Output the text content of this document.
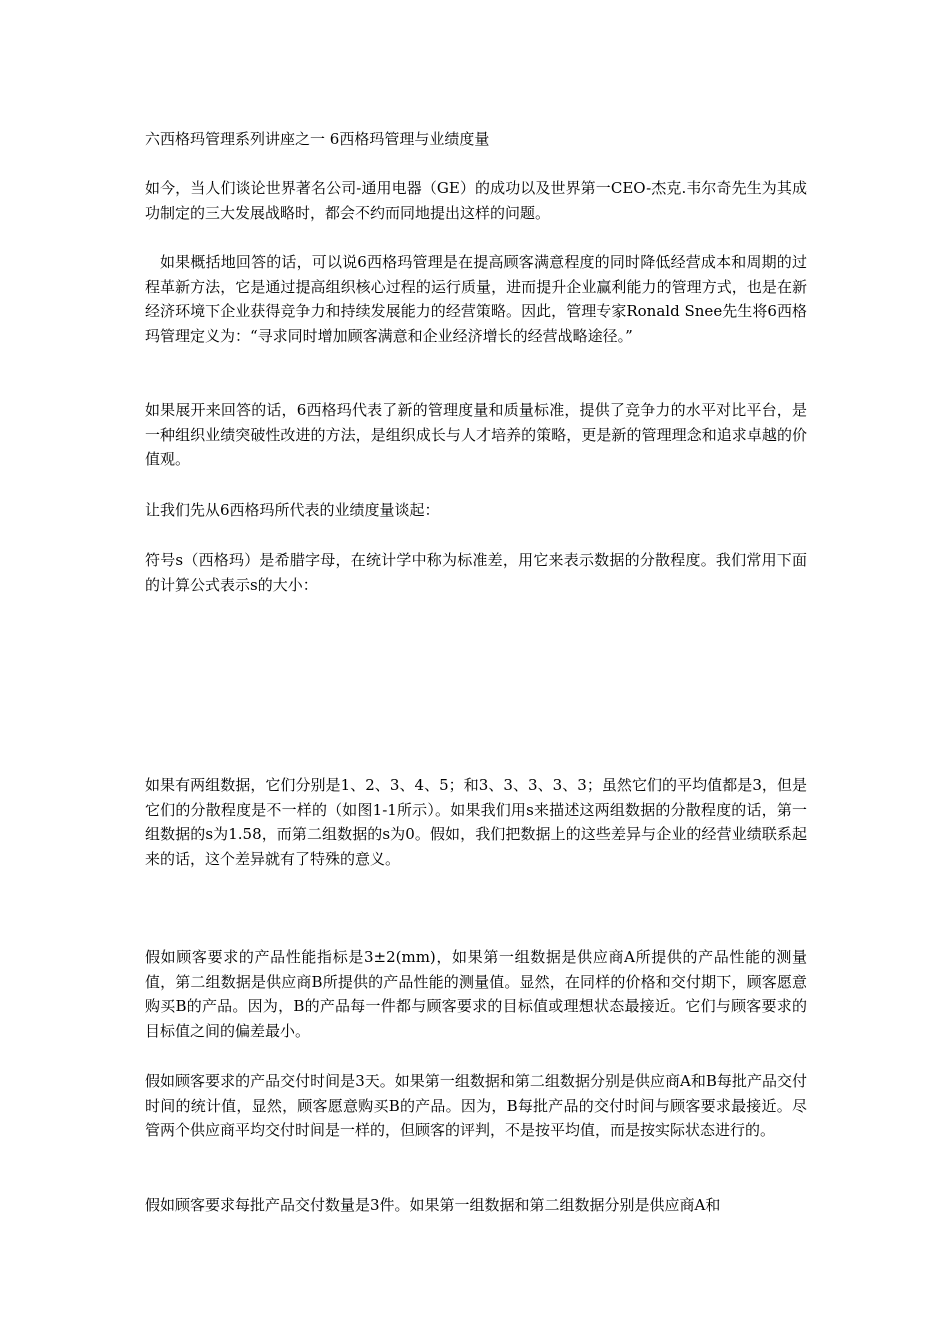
六西格玛管理系列讲座之一 6西格玛管理与业绩度量

如今，当人们谈论世界著名公司-通用电器（GE）的成功以及世界第一CEO-杰克.韦尔奇先生为其成功制定的三大发展战略时，都会不约而同地提出这样的问题。

如果概括地回答的话，可以说6西格玛管理是在提高顾客满意程度的同时降低经营成本和周期的过程革新方法，它是通过提高组织核心过程的运行质量，进而提升企业赢利能力的管理方式，也是在新经济环境下企业获得竞争力和持续发展能力的经营策略。因此，管理专家Ronald Snee先生将6西格玛管理定义为：“寻求同时增加顾客满意和企业经济增长的经营战略途径。”

如果展开来回答的话，6西格玛代表了新的管理度量和质量标准，提供了竞争力的水平对比平台，是一种组织业绩突破性改进的方法，是组织成长与人才培养的策略，更是新的管理理念和追求卓越的价值观。

让我们先从6西格玛所代表的业绩度量谈起：

符号s（西格玛）是希腊字母，在统计学中称为标准差，用它来表示数据的分散程度。我们常用下面的计算公式表示s的大小：

如果有两组数据，它们分别是1、2、3、4、5；和3、3、3、3、3；虽然它们的平均值都是3，但是它们的分散程度是不一样的（如图1-1所示）。如果我们用s来描述这两组数据的分散程度的话，第一组数据的s为1.58，而第二组数据的s为0。假如，我们把数据上的这些差异与企业的经营业绩联系起来的话，这个差异就有了特殊的意义。

假如顾客要求的产品性能指标是3±2(mm)，如果第一组数据是供应商A所提供的产品性能的测量值，第二组数据是供应商B所提供的产品性能的测量值。显然，在同样的价格和交付期下，顾客愿意购买B的产品。因为，B的产品每一件都与顾客要求的目标值或理想状态最接近。它们与顾客要求的目标值之间的偏差最小。

假如顾客要求的产品交付时间是3天。如果第一组数据和第二组数据分别是供应商A和B每批产品交付时间的统计值，显然，顾客愿意购买B的产品。因为，B每批产品的交付时间与顾客要求最接近。尽管两个供应商平均交付时间是一样的，但顾客的评判，不是按平均值，而是按实际状态进行的。

假如顾客要求每批产品交付数量是3件。如果第一组数据和第二组数据分别是供应商A和
